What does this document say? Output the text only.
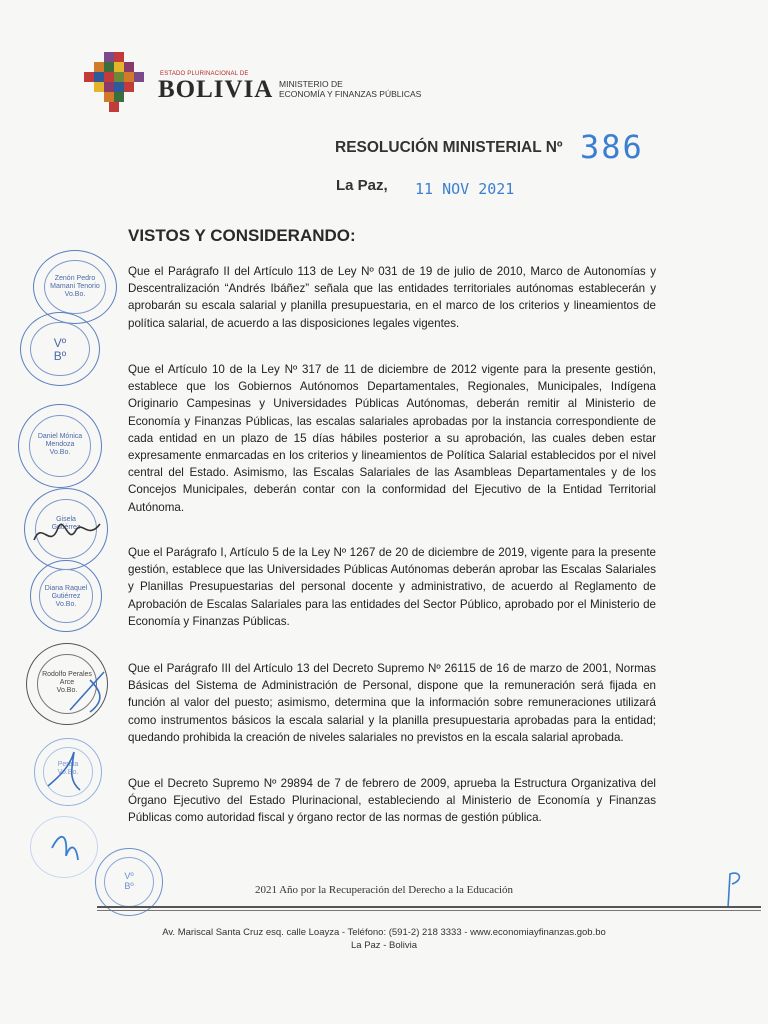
ESTADO PLURINACIONAL DE
BOLIVIA MINISTERIO DE
ECONOMÍA Y FINANZAS PÚBLICAS
RESOLUCIÓN MINISTERIAL Nº 386
La Paz, 11 NOV 2021
VISTOS Y CONSIDERANDO:

Que el Parágrafo II del Artículo 113 de Ley Nº 031 de 19 de julio de 2010, Marco de Autonomías y Descentralización “Andrés Ibáñez” señala que las entidades territoriales autónomas establecerán y aprobarán su escala salarial y planilla presupuestaria, en el marco de los criterios y lineamientos de política salarial, de acuerdo a las disposiciones legales vigentes.

Que el Artículo 10 de la Ley Nº 317 de 11 de diciembre de 2012 vigente para la presente gestión, establece que los Gobiernos Autónomos Departamentales, Regionales, Municipales, Indígena Originario Campesinas y Universidades Públicas Autónomas, deberán remitir al Ministerio de Economía y Finanzas Públicas, las escalas salariales aprobadas por la instancia correspondiente de cada entidad en un plazo de 15 días hábiles posterior a su aprobación, las cuales deben estar expresamente enmarcadas en los criterios y lineamientos de Política Salarial establecidos por el nivel central del Estado. Asimismo, las Escalas Salariales de las Asambleas Departamentales y de los Concejos Municipales, deberán contar con la conformidad del Ejecutivo de la Entidad Territorial Autónoma.

Que el Parágrafo I, Artículo 5 de la Ley Nº 1267 de 20 de diciembre de 2019, vigente para la presente gestión, establece que las Universidades Públicas Autónomas deberán aprobar las Escalas Salariales y Planillas Presupuestarias del personal docente y administrativo, de acuerdo al Reglamento de Aprobación de Escalas Salariales para las entidades del Sector Público, aprobado por el Ministerio de Economía y Finanzas Públicas.

Que el Parágrafo III del Artículo 13 del Decreto Supremo Nº 26115 de 16 de marzo de 2001, Normas Básicas del Sistema de Administración de Personal, dispone que la remuneración será fijada en función al valor del puesto; asimismo, determina que la información sobre remuneraciones utilizará como instrumentos básicos la escala salarial y la planilla presupuestaria aprobadas para la entidad; quedando prohibida la creación de niveles salariales no previstos en la escala salarial aprobada.

Que el Decreto Supremo Nº 29894 de 7 de febrero de 2009, aprueba la Estructura Organizativa del Órgano Ejecutivo del Estado Plurinacional, estableciendo al Ministerio de Economía y Finanzas Públicas como autoridad fiscal y órgano rector de las normas de gestión pública.

Zenón Pedro
Mamani Tenorio
Vo.Bo.
Vº
Bº
Daniel Mónica
Mendoza
Vo.Bo.
Gisela
Gutiérrez
Diana Raquel
Gutiérrez
Vo.Bo.
Rodolfo Perales
Arce
Vo.Bo.
Perata
Vo.Bo.
Vº
Bº	2021 Año por la Recuperación del Derecho a la Educación
Av. Mariscal Santa Cruz esq. calle Loayza - Teléfono: (591-2) 218 3333 - www.economiayfinanzas.gob.bo
La Paz - Bolivia
